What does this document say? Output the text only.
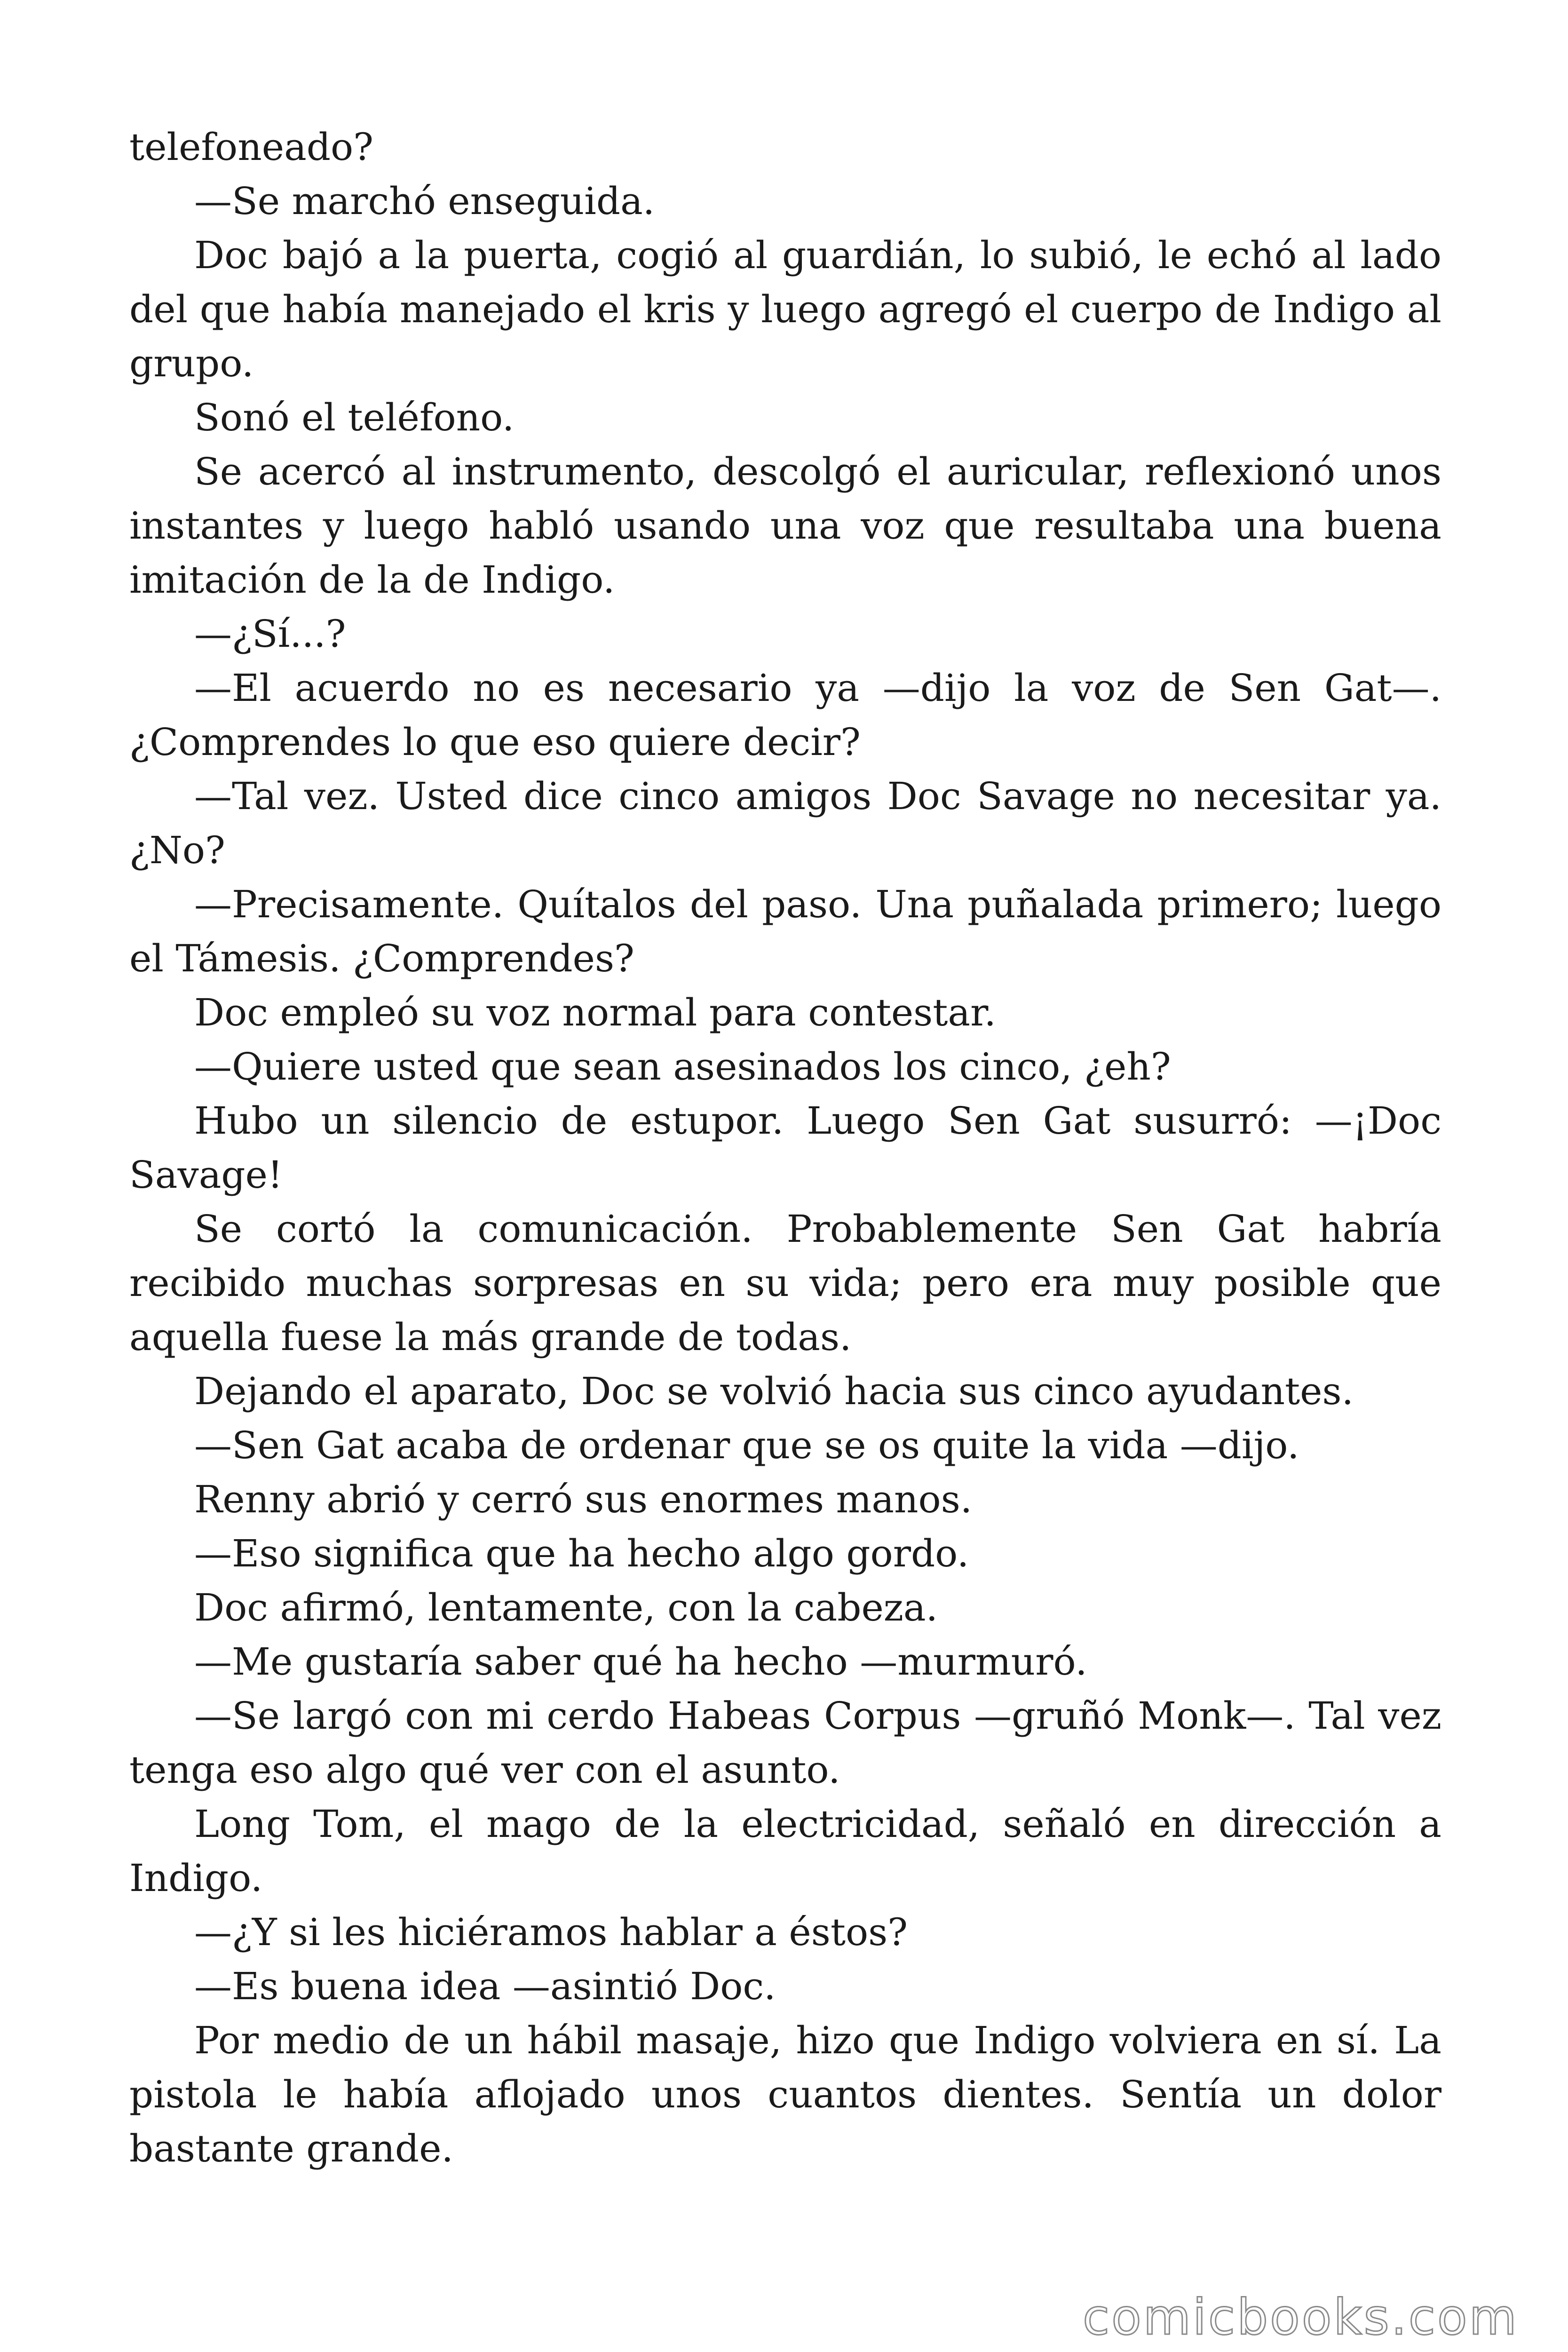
telefoneado?

—Se marchó enseguida.

Doc bajó a la puerta, cogió al guardián, lo subió, le echó al lado del que había manejado el kris y luego agregó el cuerpo de Indigo al grupo.

Sonó el teléfono.

Se acercó al instrumento, descolgó el auricular, reflexionó unos instantes y luego habló usando una voz que resultaba una buena imitación de la de Indigo.

—¿Sí...?

—El acuerdo no es necesario ya —dijo la voz de Sen Gat—. ¿Comprendes lo que eso quiere decir?

—Tal vez. Usted dice cinco amigos Doc Savage no necesitar ya. ¿No?

—Precisamente. Quítalos del paso. Una puñalada primero; luego el Támesis. ¿Comprendes?

Doc empleó su voz normal para contestar.

—Quiere usted que sean asesinados los cinco, ¿eh?

Hubo un silencio de estupor. Luego Sen Gat susurró: —¡Doc Savage!

Se cortó la comunicación. Probablemente Sen Gat habría recibido muchas sorpresas en su vida; pero era muy posible que aquella fuese la más grande de todas.

Dejando el aparato, Doc se volvió hacia sus cinco ayudantes.

—Sen Gat acaba de ordenar que se os quite la vida —dijo.

Renny abrió y cerró sus enormes manos.

—Eso significa que ha hecho algo gordo.

Doc afirmó, lentamente, con la cabeza.

—Me gustaría saber qué ha hecho —murmuró.

—Se largó con mi cerdo Habeas Corpus —gruñó Monk—. Tal vez tenga eso algo qué ver con el asunto.

Long Tom, el mago de la electricidad, señaló en dirección a Indigo.

—¿Y si les hiciéramos hablar a éstos?

—Es buena idea —asintió Doc.

Por medio de un hábil masaje, hizo que Indigo volviera en sí. La pistola le había aflojado unos cuantos dientes. Sentía un dolor bastante grande.

comicbooks.com
